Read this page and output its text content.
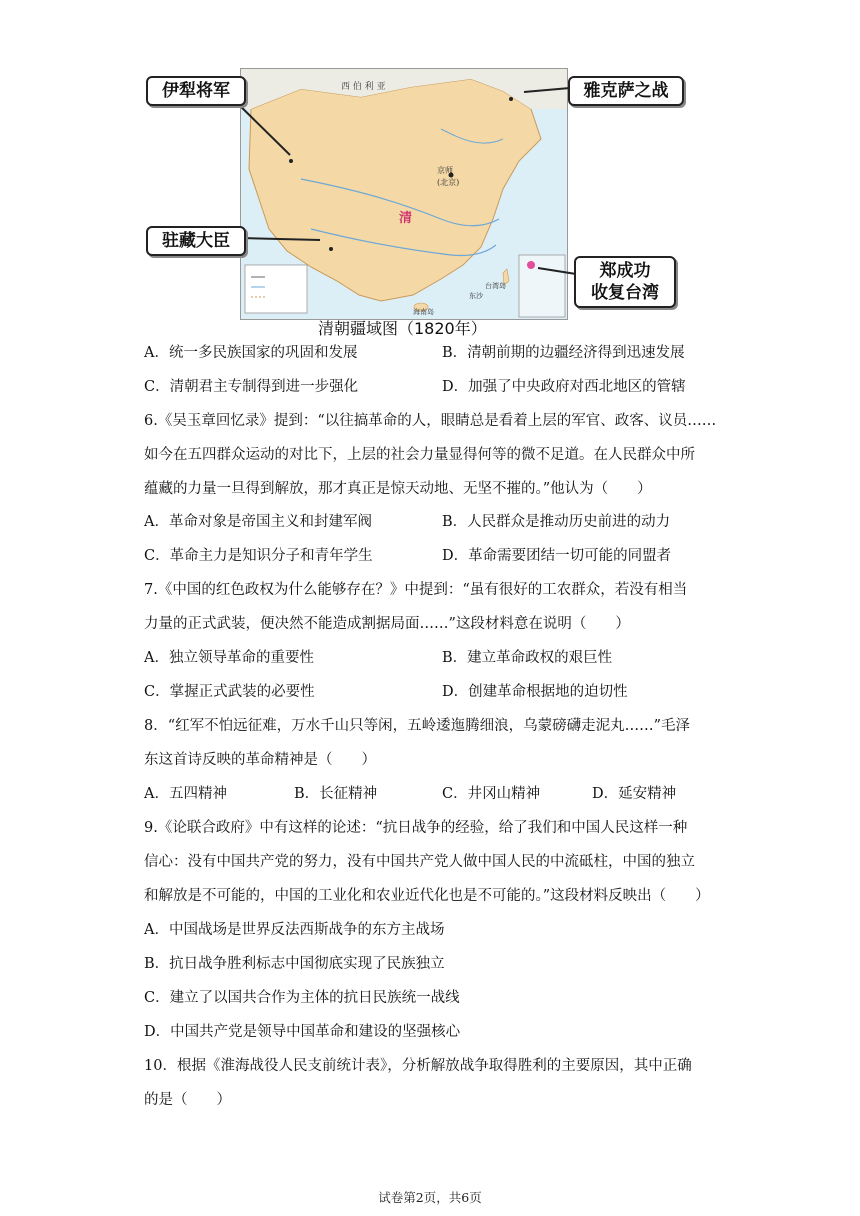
西 伯 利 亚
清
京师
(北京)
海南岛
东沙
台湾岛
伊犁将军	雅克萨之战
驻藏大臣
郑成功
收复台湾
清朝疆域图（1820年）
A．统一多民族国家的巩固和发展	B．清朝前期的边疆经济得到迅速发展
C．清朝君主专制得到进一步强化	D．加强了中央政府对西北地区的管辖
6.《吴玉章回忆录》提到：“以往搞革命的人，眼睛总是看着上层的军官、政客、议员……
如今在五四群众运动的对比下，上层的社会力量显得何等的微不足道。在人民群众中所
蕴藏的力量一旦得到解放，那才真正是惊天动地、无坚不摧的。”他认为（　　）
A．革命对象是帝国主义和封建军阀	B．人民群众是推动历史前进的动力
C．革命主力是知识分子和青年学生	D．革命需要团结一切可能的同盟者
7.《中国的红色政权为什么能够存在？》中提到：“虽有很好的工农群众，若没有相当
力量的正式武装，便决然不能造成割据局面……”这段材料意在说明（　　）
A．独立领导革命的重要性	B．建立革命政权的艰巨性
C．掌握正式武装的必要性	D．创建革命根据地的迫切性
8．“红军不怕远征难，万水千山只等闲，五岭逶迤腾细浪，乌蒙磅礴走泥丸……”毛泽
东这首诗反映的革命精神是（　　）
A．五四精神	B．长征精神	C．井冈山精神	D．延安精神
9.《论联合政府》中有这样的论述：“抗日战争的经验，给了我们和中国人民这样一种
信心：没有中国共产党的努力，没有中国共产党人做中国人民的中流砥柱，中国的独立
和解放是不可能的，中国的工业化和农业近代化也是不可能的。”这段材料反映出（　　）
A．中国战场是世界反法西斯战争的东方主战场
B．抗日战争胜利标志中国彻底实现了民族独立
C．建立了以国共合作为主体的抗日民族统一战线
D．中国共产党是领导中国革命和建设的坚强核心
10．根据《淮海战役人民支前统计表》，分析解放战争取得胜利的主要原因，其中正确
的是（　　）
试卷第2页，共6页
